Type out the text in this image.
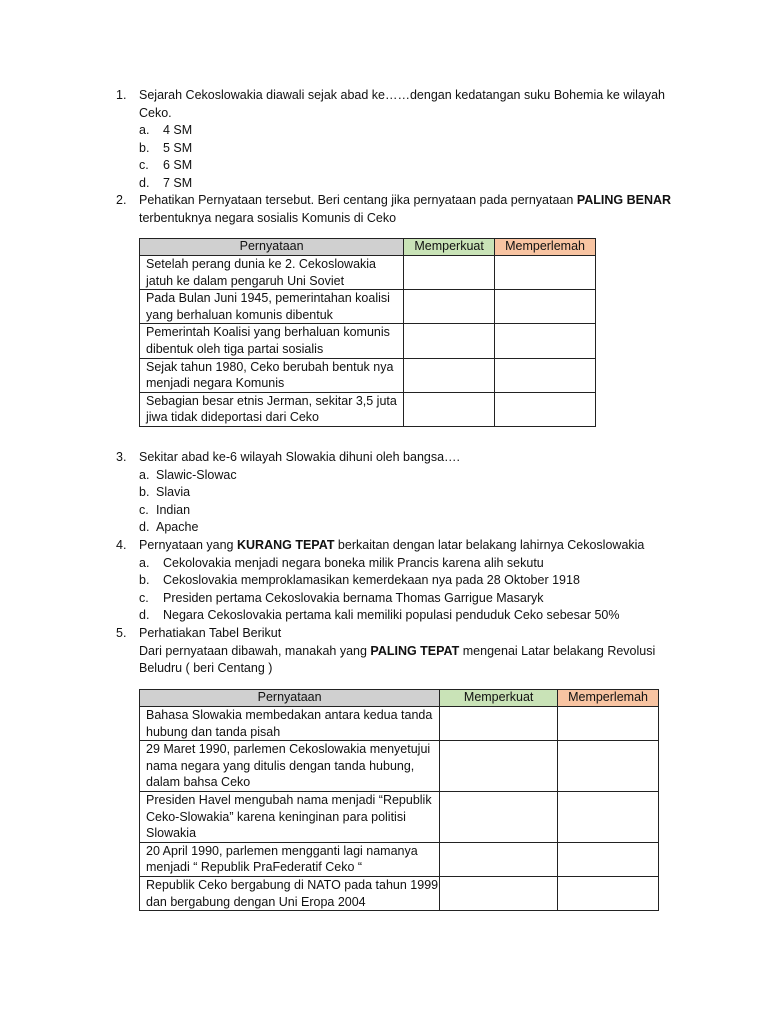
1.	Sejarah Cekoslowakia diawali sejak abad ke……dengan kedatangan suku Bohemia ke wilayah Ceko.
a. 4 SM
b. 5 SM
c. 6 SM
d. 7 SM
2.	Pehatikan Pernyataan tersebut. Beri centang jika pernyataan pada pernyataan PALING BENAR terbentuknya negara sosialis Komunis di Ceko
Pernyataan	Memperkuat	Memperlemah
Setelah perang dunia ke 2. Cekoslowakia jatuh ke dalam pengaruh Uni Soviet		
Pada Bulan Juni 1945, pemerintahan koalisi yang berhaluan komunis dibentuk		
Pemerintah Koalisi yang berhaluan komunis dibentuk oleh tiga partai sosialis		
Sejak tahun 1980, Ceko berubah bentuk nya menjadi negara Komunis		
Sebagian besar etnis Jerman, sekitar 3,5 juta jiwa tidak dideportasi dari Ceko		
3.	Sekitar abad ke-6 wilayah Slowakia dihuni oleh bangsa….
a. Slawic-Slowac
b. Slavia
c. Indian
d. Apache
4.	Pernyataan yang KURANG TEPAT berkaitan dengan latar belakang lahirnya Cekoslowakia
a. Cekolovakia menjadi negara boneka milik Prancis karena alih sekutu
b. Cekoslovakia memproklamasikan kemerdekaan nya pada 28 Oktober 1918
c. Presiden pertama Cekoslovakia bernama Thomas Garrigue Masaryk
d. Negara Cekoslovakia pertama kali memiliki populasi penduduk Ceko sebesar 50%
5.	Perhatiakan Tabel Berikut
Dari pernyataan dibawah, manakah yang PALING TEPAT mengenai Latar belakang Revolusi Beludru ( beri Centang )
Pernyataan	Memperkuat	Memperlemah
Bahasa Slowakia membedakan antara kedua tanda hubung dan tanda pisah		
29 Maret 1990, parlemen Cekoslowakia menyetujui nama negara yang ditulis dengan tanda hubung, dalam bahsa Ceko		
Presiden Havel mengubah nama menjadi “Republik Ceko-Slowakia” karena keninginan para politisi Slowakia		
20 April 1990, parlemen mengganti lagi namanya menjadi “ Republik PraFederatif Ceko “		
Republik Ceko bergabung di NATO pada tahun 1999 dan bergabung dengan Uni Eropa 2004		
